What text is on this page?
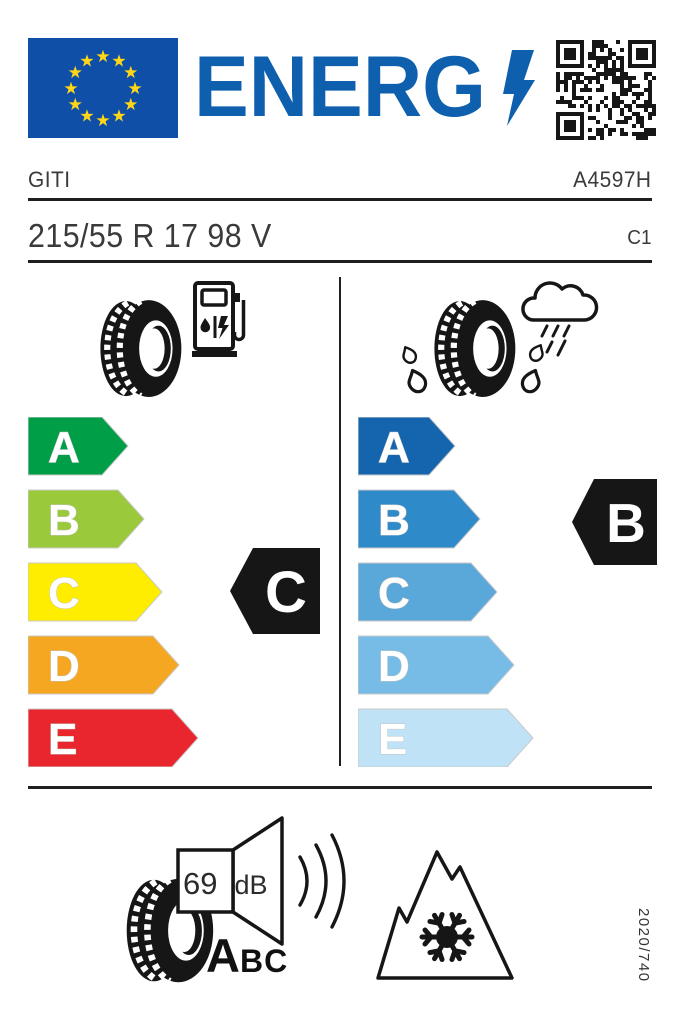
★ ★
★
★
★
★
★
★
★
★
★
★ ENERG
GITI	A4597H
215/55 R 17 98 V	C1
A
B
C
D
E
C
A
B
C
D
E
B
69 dB
A BC	2020/740
